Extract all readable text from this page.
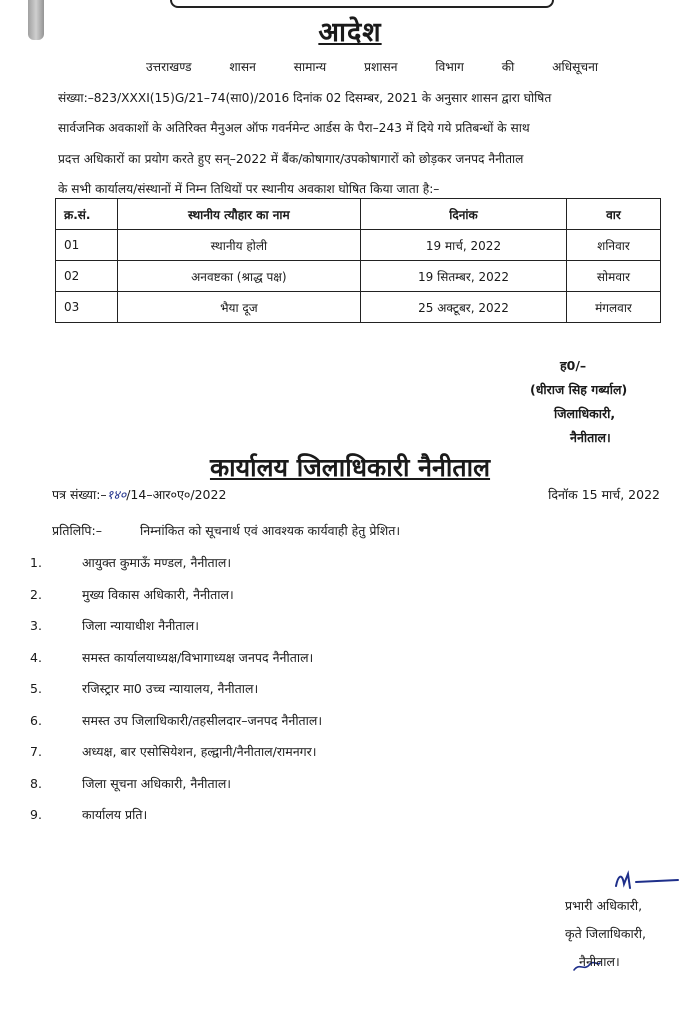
आदेश
उत्तराखण्ड शासन सामान्य प्रशासन विभाग की अधिसूचना
संख्या:–823/XXXI(15)G/21–74(सा0)/2016 दिनांक 02 दिसम्बर, 2021 के अनुसार शासन द्वारा घोषित
सार्वजनिक अवकाशों के अतिरिक्त मैनुअल ऑफ गवर्नमेन्ट आर्डस के पैरा–243 में दिये गये प्रतिबन्धों के साथ
प्रदत्त अधिकारों का प्रयोग करते हुए सन्–2022 में बैंक/कोषागार/उपकोषागारों को छोड़कर जनपद नैनीताल
के सभी कार्यालय/संस्थानों में निम्न तिथियों पर स्थानीय अवकाश घोषित किया जाता है:–
क्र.सं.	स्थानीय त्यौहार का नाम	दिनांक	वार
01	स्थानीय होली	19 मार्च, 2022	शनिवार
02	अनवष्टका (श्राद्ध पक्ष)	19 सितम्बर, 2022	सोमवार
03	भैया दूज	25 अक्टूबर, 2022	मंगलवार
ह0/–
(धीराज सिह गर्ब्याल)
जिलाधिकारी,
नैनीताल।
कार्यालय जिलाधिकारी नैनीताल
पत्र संख्या:–१४०/14–आर०ए०/2022	दिनॉक 15 मार्च, 2022
प्रतिलिपि:–	निम्नांकित को सूचनार्थ एवं आवश्यक कार्यवाही हेतु प्रेशित।
1.	आयुक्त कुमाऊँ मण्डल, नैनीताल।
2.	मुख्य विकास अधिकारी, नैनीताल।
3.	जिला न्यायाधीश नैनीताल।
4.	समस्त कार्यालयाध्यक्ष/विभागाध्यक्ष जनपद नैनीताल।
5.	रजिस्ट्रार मा0 उच्च न्यायालय, नैनीताल।
6.	समस्त उप जिलाधिकारी/तहसीलदार–जनपद नैनीताल।
7.	अध्यक्ष, बार एसोसियेशन, हल्द्वानी/नैनीताल/रामनगर।
8.	जिला सूचना अधिकारी, नैनीताल।
9.	कार्यालय प्रति।
प्रभारी अधिकारी,
कृते जिलाधिकारी,
नैनीताल।
